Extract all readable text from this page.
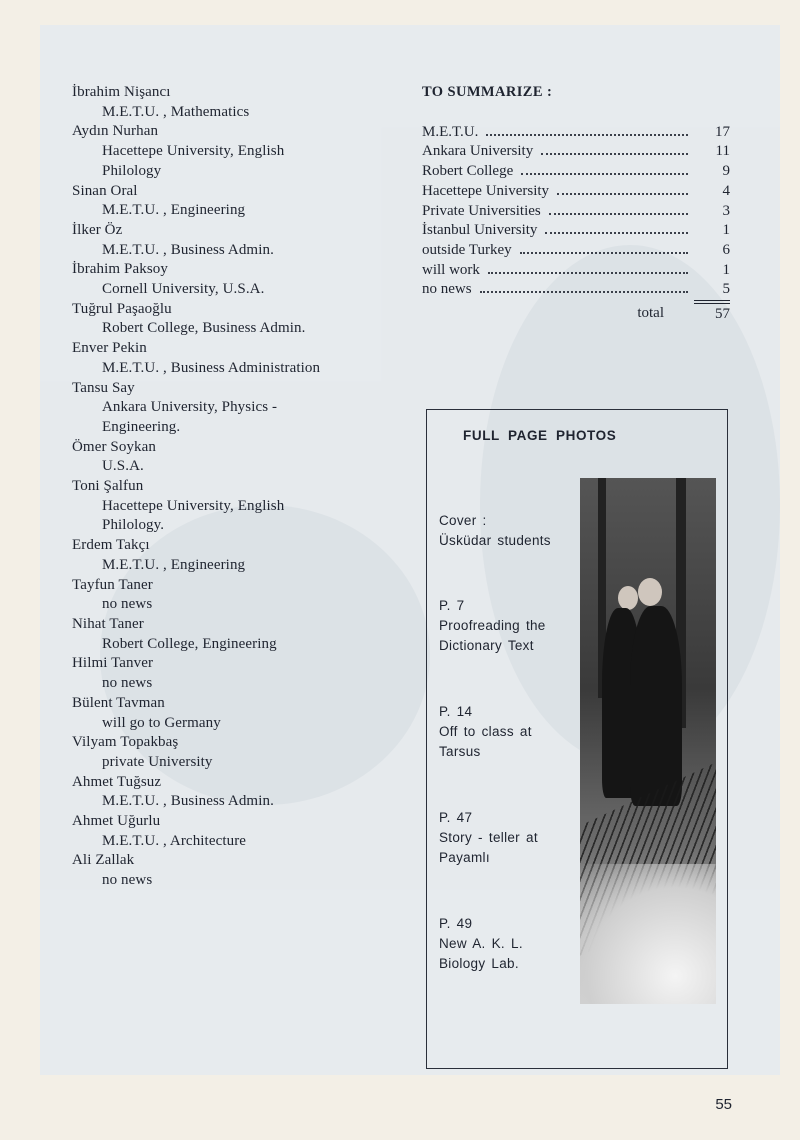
İbrahim Nişancı
M.E.T.U. , Mathematics
Aydın Nurhan
Hacettepe University, English
Philology
Sinan Oral
M.E.T.U. , Engineering
İlker Öz
M.E.T.U. , Business Admin.
İbrahim Paksoy
Cornell University, U.S.A.
Tuğrul Paşaoğlu
Robert College, Business Admin.
Enver Pekin
M.E.T.U. , Business Administration
Tansu Say
Ankara University, Physics -
Engineering.
Ömer Soykan
U.S.A.
Toni Şalfun
Hacettepe University, English
Philology.
Erdem Takçı
M.E.T.U. , Engineering
Tayfun Taner
no news
Nihat Taner
Robert College, Engineering
Hilmi Tanver
no news
Bülent Tavman
will go to Germany
Vilyam Topakbaş
private University
Ahmet Tuğsuz
M.E.T.U. , Business Admin.
Ahmet Uğurlu
M.E.T.U. , Architecture
Ali Zallak
no news
TO SUMMARIZE :
M.E.T.U.	17
Ankara University	11
Robert College	9
Hacettepe University	4
Private Universities	3
İstanbul University	1
outside Turkey	6
will work	1
no news	5
total	57
FULL PAGE PHOTOS
Cover :
Üsküdar students
P. 7
Proofreading the
Dictionary Text
P. 14
Off to class at
Tarsus
P. 47
Story - teller at
Payamlı
P. 49
New A. K. L.
Biology Lab.
55
